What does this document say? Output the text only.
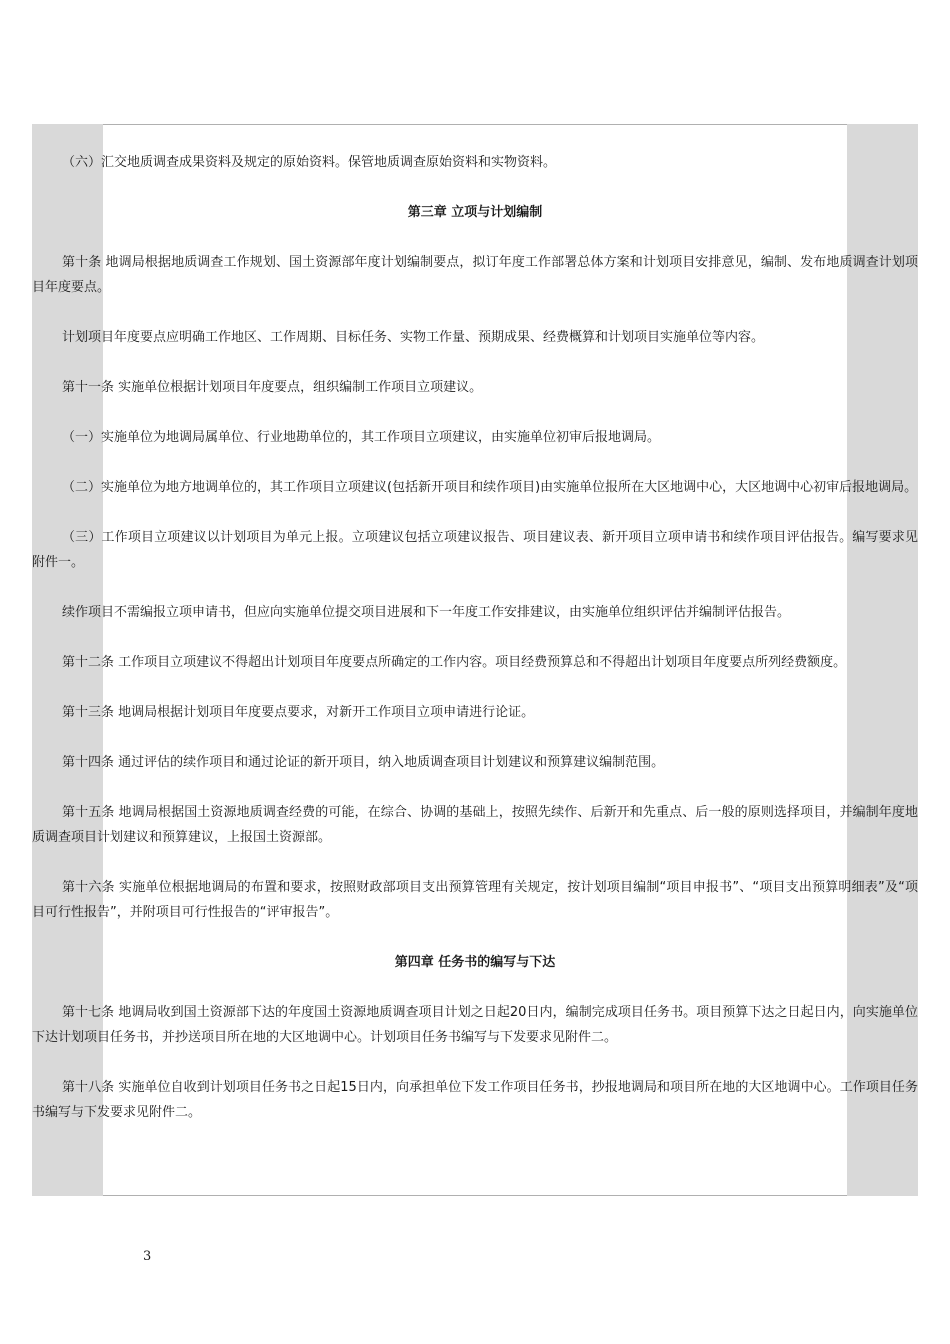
（六）汇交地质调查成果资料及规定的原始资料。保管地质调查原始资料和实物资料。

第三章 立项与计划编制

第十条 地调局根据地质调查工作规划、国土资源部年度计划编制要点，拟订年度工作部署总体方案和计划项目安排意见，编制、发布地质调查计划项目年度要点。

计划项目年度要点应明确工作地区、工作周期、目标任务、实物工作量、预期成果、经费概算和计划项目实施单位等内容。

第十一条 实施单位根据计划项目年度要点，组织编制工作项目立项建议。

（一）实施单位为地调局属单位、行业地勘单位的，其工作项目立项建议，由实施单位初审后报地调局。

（二）实施单位为地方地调单位的，其工作项目立项建议(包括新开项目和续作项目)由实施单位报所在大区地调中心，大区地调中心初审后报地调局。

（三）工作项目立项建议以计划项目为单元上报。立项建议包括立项建议报告、项目建议表、新开项目立项申请书和续作项目评估报告。编写要求见附件一。

续作项目不需编报立项申请书，但应向实施单位提交项目进展和下一年度工作安排建议，由实施单位组织评估并编制评估报告。

第十二条 工作项目立项建议不得超出计划项目年度要点所确定的工作内容。项目经费预算总和不得超出计划项目年度要点所列经费额度。

第十三条 地调局根据计划项目年度要点要求，对新开工作项目立项申请进行论证。

第十四条 通过评估的续作项目和通过论证的新开项目，纳入地质调查项目计划建议和预算建议编制范围。

第十五条 地调局根据国土资源地质调查经费的可能，在综合、协调的基础上，按照先续作、后新开和先重点、后一般的原则选择项目，并编制年度地质调查项目计划建议和预算建议，上报国土资源部。

第十六条 实施单位根据地调局的布置和要求，按照财政部项目支出预算管理有关规定，按计划项目编制“项目申报书”、“项目支出预算明细表”及“项目可行性报告”，并附项目可行性报告的“评审报告”。

第四章 任务书的编写与下达

第十七条 地调局收到国土资源部下达的年度国土资源地质调查项目计划之日起20日内，编制完成项目任务书。项目预算下达之日起日内，向实施单位下达计划项目任务书，并抄送项目所在地的大区地调中心。计划项目任务书编写与下发要求见附件二。

第十八条 实施单位自收到计划项目任务书之日起15日内，向承担单位下发工作项目任务书，抄报地调局和项目所在地的大区地调中心。工作项目任务书编写与下发要求见附件二。

3
